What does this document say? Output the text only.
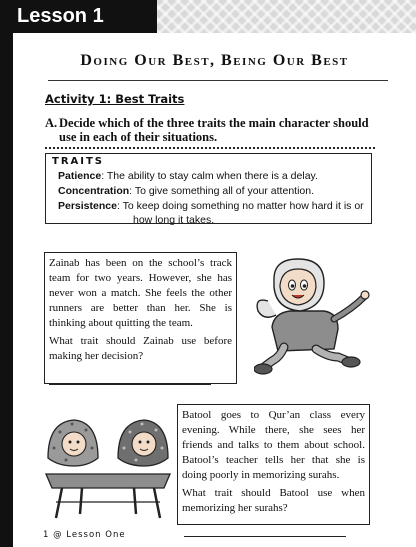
Lesson 1
Doing Our Best, Being Our Best
Activity 1: Best Traits
A. Decide which of the three traits the main character should use in each of their situations.
TRAITS
Patience: The ability to stay calm when there is a delay.
Concentration: To give something all of your attention.
Persistence: To keep doing something no matter how hard it is or
how long it takes.

Zainab has been on the school’s track team for two years. However, she has never won a match. She feels the other runners are better than her. She is thinking about quitting the team.

What trait should Zainab use before making her decision?

Batool goes to Qur’an class every evening. While there, she sees her friends and talks to them about school. Batool’s teacher tells her that she is doing poorly in memorizing surahs.

What trait should Batool use when memorizing her surahs?

1 @ Lesson One
